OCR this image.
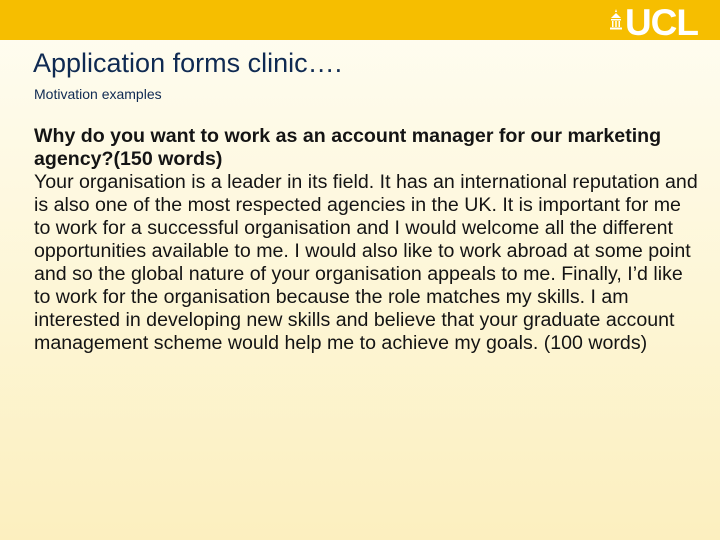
UCL
Application forms clinic….
Motivation examples

Why do you want to work as an account manager for our marketing agency?(150 words)

Your organisation is a leader in its field. It has an international reputation and is also one of the most respected agencies in the UK. It is important for me to work for a successful organisation and I would welcome all the different opportunities available to me. I would also like to work abroad at some point and so the global nature of your organisation appeals to me. Finally, I’d like to work for the organisation because the role matches my skills. I am interested in developing new skills and believe that your graduate account management scheme would help me to achieve my goals. (100 words)
